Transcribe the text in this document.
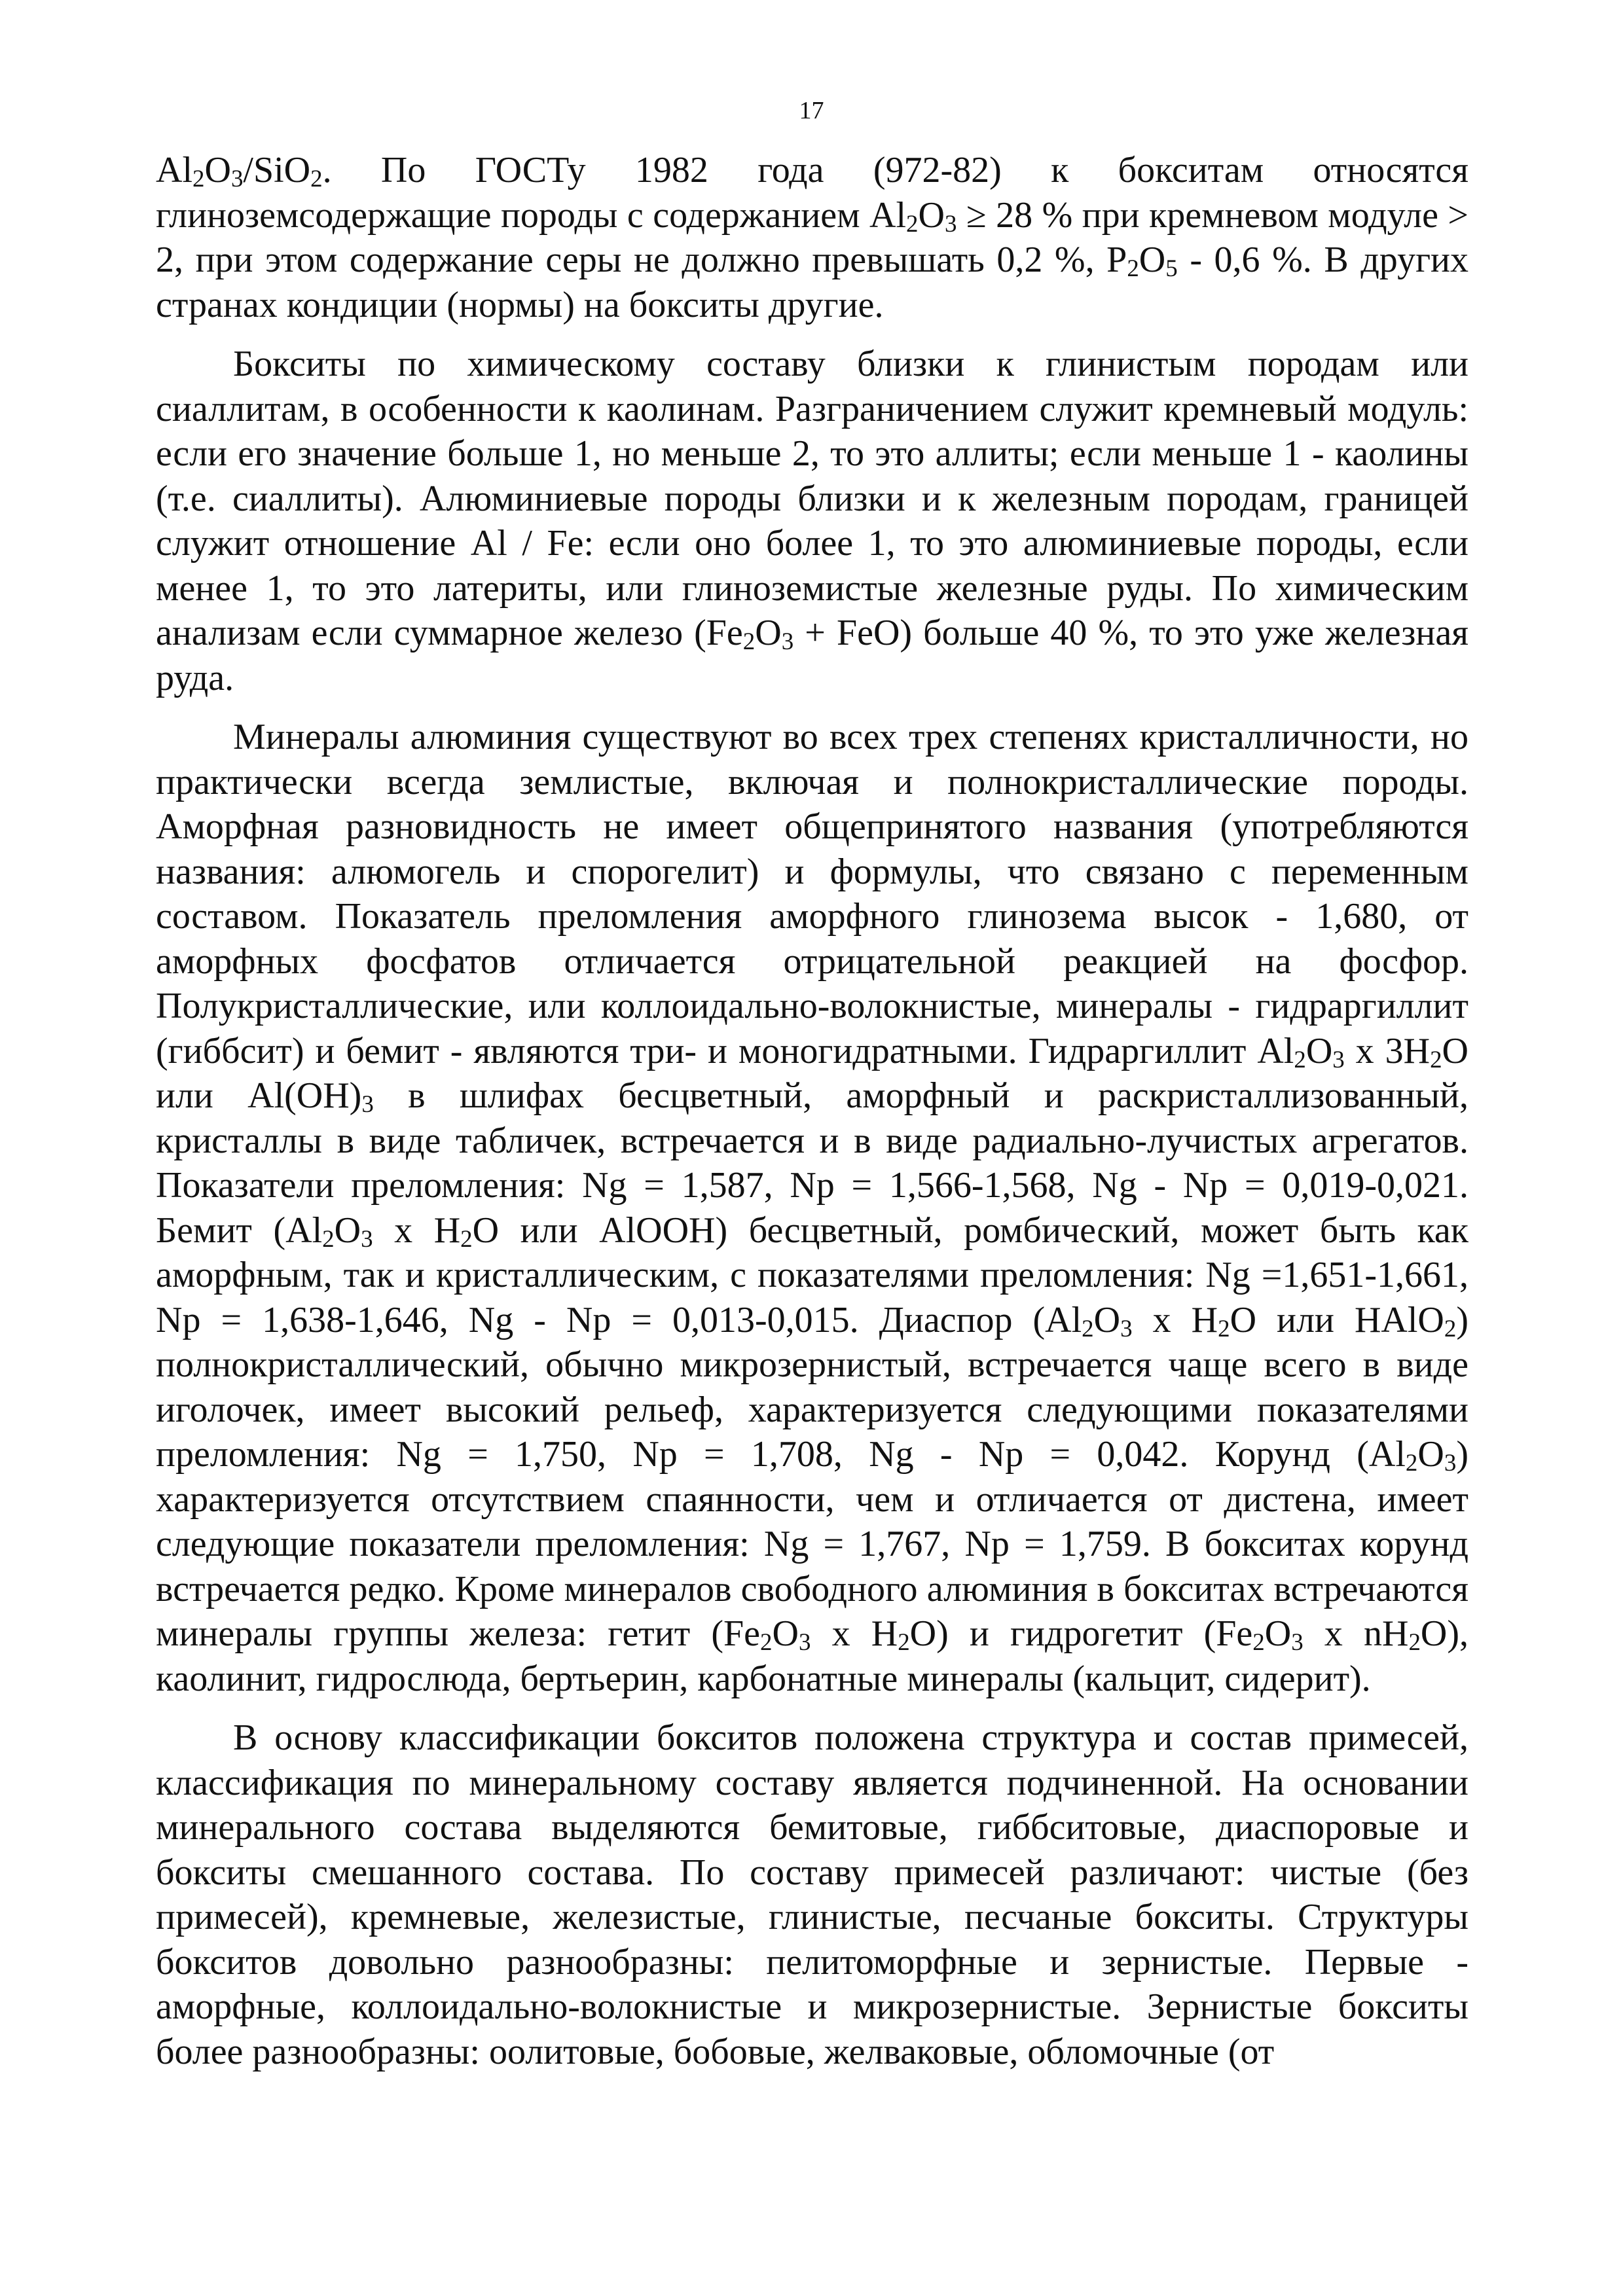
17

$Al_2O_3/SiO_2$. По ГОСТу 1982 года (972-82) к бокситам относятся глиноземсодержащие породы с содержанием $Al_2O_3 \ge 28$ % при кремневом модуле > 2, при этом содержание серы не должно превышать 0,2 %, $P_2O_5 - 0,6$ %. В других странах кондиции (нормы) на бокситы другие.

Бокситы по химическому составу близки к глинистым породам или сиаллитам, в особенности к каолинам. Разграничением служит кремневый модуль: если его значение больше 1, но меньше 2, то это аллиты; если меньше 1 - каолины (т.е. сиаллиты). Алюминиевые породы близки и к железным породам, границей служит отношение Al / Fe: если оно более 1, то это алюминиевые породы, если менее 1, то это латериты, или глиноземистые железные руды. По химическим анализам если суммарное железо $(Fe_2O_3 + FeO)$ больше 40 %, то это уже железная руда.

Минералы алюминия существуют во всех трех степенях кристалличности, но практически всегда землистые, включая и полнокристаллические породы. Аморфная разновидность не имеет общепринятого названия (употребляются названия: алюмогель и спорогелит) и формулы, что связано с переменным составом. Показатель преломления аморфного глинозема высок - 1,680, от аморфных фосфатов отличается отрицательной реакцией на фосфор. Полукристаллические, или коллоидально-волокнистые, минералы - гидраргиллит (гиббсит) и бемит - являются три- и моногидратными. Гидраргиллит $Al_2O_3$ x $3H_2O$ или $Al(OH)_3$ в шлифах бесцветный, аморфный и раскристаллизованный, кристаллы в виде табличек, встречается и в виде радиально-лучистых агрегатов. Показатели преломления: Ng = 1,587, Np = 1,566-1,568, Ng - Np = 0,019-0,021. Бемит ($Al_2O_3$ x $H_2O$ или AlOOH) бесцветный, ромбический, может быть как аморфным, так и кристаллическим, с показателями преломления: Ng =1,651-1,661, Np = 1,638-1,646, Ng - Np = 0,013-0,015. Диаспор ($Al_2O_3$ x $H_2O$ или HAlO$_2$) полнокристаллический, обычно микрозернистый, встречается чаще всего в виде иголочек, имеет высокий рельеф, характеризуется следующими показателями преломления: Ng = 1,750, Np = 1,708, Ng - Np = 0,042. Корунд $(Al_2O_3)$ характеризуется отсутствием спаянности, чем и отличается от дистена, имеет следующие показатели преломления: Ng = 1,767, Np = 1,759. В бокситах корунд встречается редко. Кроме минералов свободного алюминия в бокситах встречаются минералы группы железа: гетит ($Fe_2O_3$ x $H_2O$) и гидрогетит ($Fe_2O_3$ x $nH_2O$), каолинит, гидрослюда, бертьерин, карбонатные минералы (кальцит, сидерит).

В основу классификации бокситов положена структура и состав примесей, классификация по минеральному составу является подчиненной. На основании минерального состава выделяются бемитовые, гиббситовые, диаспоровые и бокситы смешанного состава. По составу примесей различают: чистые (без примесей), кремневые, железистые, глинистые, песчаные бокситы. Структуры бокситов довольно разнообразны: пелитоморфные и зернистые. Первые - аморфные, коллоидально-волокнистые и микрозернистые. Зернистые бокситы более разнообразны: оолитовые, бобовые, желваковые, обломочные (от
